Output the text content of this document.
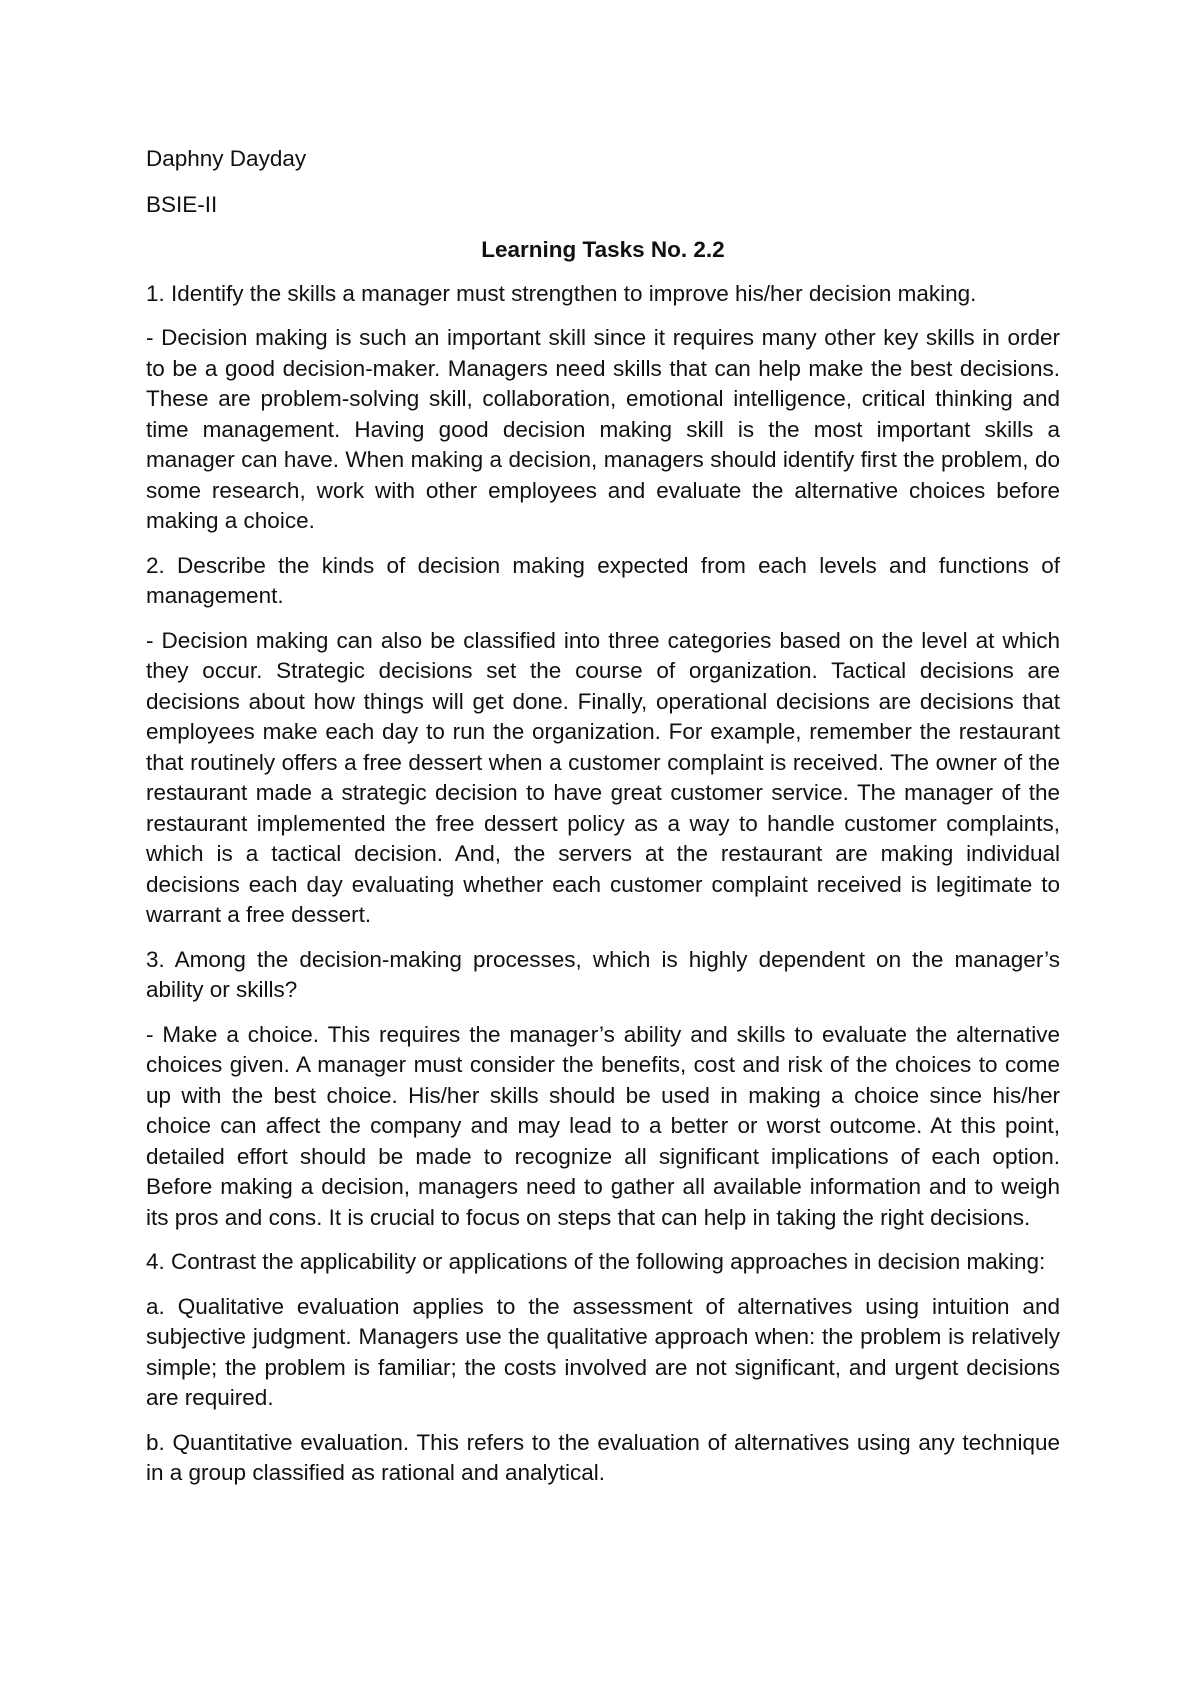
Daphny Dayday
BSIE-II
Learning Tasks No. 2.2
1. Identify the skills a manager must strengthen to improve his/her decision making.
- Decision making is such an important skill since it requires many other key skills in order to be a good decision-maker. Managers need skills that can help make the best decisions. These are problem-solving skill, collaboration, emotional intelligence, critical thinking and time management. Having good decision making skill is the most important skills a manager can have. When making a decision, managers should identify first the problem, do some research, work with other employees and evaluate the alternative choices before making a choice.
2. Describe the kinds of decision making expected from each levels and functions of management.
- Decision making can also be classified into three categories based on the level at which they occur. Strategic decisions set the course of organization. Tactical decisions are decisions about how things will get done. Finally, operational decisions are decisions that employees make each day to run the organization. For example, remember the restaurant that routinely offers a free dessert when a customer complaint is received. The owner of the restaurant made a strategic decision to have great customer service. The manager of the restaurant implemented the free dessert policy as a way to handle customer complaints, which is a tactical decision. And, the servers at the restaurant are making individual decisions each day evaluating whether each customer complaint received is legitimate to warrant a free dessert.
3. Among the decision-making processes, which is highly dependent on the manager’s ability or skills?
- Make a choice. This requires the manager’s ability and skills to evaluate the alternative choices given. A manager must consider the benefits, cost and risk of the choices to come up with the best choice. His/her skills should be used in making a choice since his/her choice can affect the company and may lead to a better or worst outcome. At this point, detailed effort should be made to recognize all significant implications of each option. Before making a decision, managers need to gather all available information and to weigh its pros and cons. It is crucial to focus on steps that can help in taking the right decisions.
4. Contrast the applicability or applications of the following approaches in decision making:
a. Qualitative evaluation applies to the assessment of alternatives using intuition and subjective judgment. Managers use the qualitative approach when: the problem is relatively simple; the problem is familiar; the costs involved are not significant, and urgent decisions are required.
b. Quantitative evaluation. This refers to the evaluation of alternatives using any technique in a group classified as rational and analytical.
